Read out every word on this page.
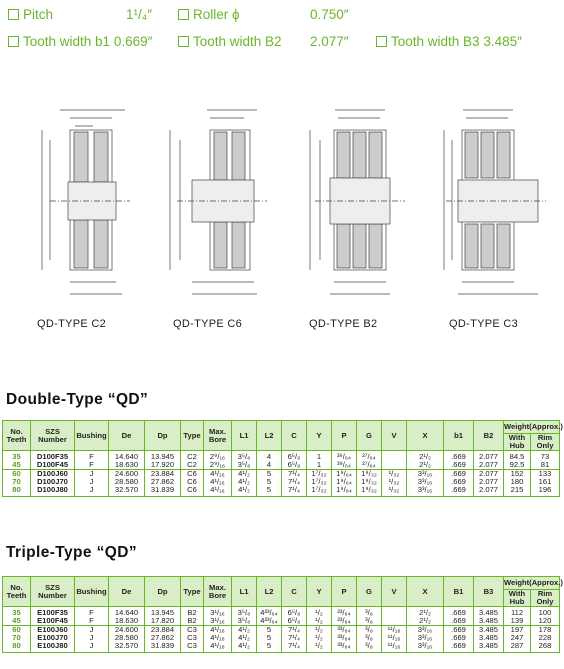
Pitch	1¹/₄″	Roller ϕ	0.750″
Tooth width b1 0.669″	Tooth width B2 2.077″	Tooth width B3 3.485″
QD-TYPE C2	QD-TYPE C6	QD-TYPE B2	QD-TYPE C3
Double-Type “QD”
No. Teeth	SZS Number	Bushing	De	Dp	Type	Max. Bore	L1	L2	C	Y	P	G	V	X	b1	B2	Weight(Approx.)	
																	With Hub	Rim Only
35	D100F35	F	14.640	13.945	C2	2⁹/₁₆	3⁵/₈	4	6⁵/₈	1	³⁹/₆₄	²⁷/₆₄		2¹/₂	.669	2.077	84.5	73
45	D100F45	F	18.630	17.920	C2	2⁹/₁₆	3⁵/₈	4	6⁵/₈	1	³⁹/₆₄	²⁷/₆₄		2¹/₂	.669	2.077	92.5	81
60	D100J60	J	24.600	23.884	C6	4¹/₁₆	4¹/₂	5	7¹/₄	1⁷/₃₂	1⁹/₆₄	1⁹/₃₂	¹/₃₂	3³/₁₆	.669	2.077	152	133
70	D100J70	J	28.580	27.862	C6	4¹/₁₆	4¹/₂	5	7¹/₄	1⁷/₃₂	1⁹/₆₄	1⁹/₃₂	¹/₃₂	3³/₁₆	.669	2.077	180	161
80	D100J80	J	32.570	31.839	C6	4¹/₁₆	4¹/₂	5	7¹/₄	1⁷/₃₂	1⁹/₆₄	1⁹/₃₂	¹/₃₂	3³/₁₆	.669	2.077	215	196
Triple-Type “QD”
No. Teeth	SZS Number	Bushing	De	Dp	Type	Max. Bore	L1	L2	C	Y	P	G	V	X	B1	B3	Weight(Approx.)	
																	With Hub	Rim Only
35	E100F35	F	14.640	13.945	B2	3¹/₁₆	3⁵/₈	4²³/₆₄	6⁵/₈	¹/₂	²³/₆₄	³/₈		2¹/₂	.669	3.485	112	100
45	E100F45	F	18.630	17.820	B2	3¹/₁₆	3⁵/₈	4²³/₆₄	6⁵/₈	¹/₂	²³/₆₄	³/₈		2¹/₂	.669	3.485	139	120
60	E100J60	J	24.600	23.884	C3	4¹/₁₆	4¹/₂	5	7¹/₄	¹/₂	³³/₆₄	³/₈	¹¹/₁₆	3³/₁₆	.669	3.485	197	178
70	E100J70	J	28.580	27.862	C3	4¹/₁₆	4¹/₂	5	7¹/₄	¹/₂	³³/₆₄	³/₈	¹¹/₁₆	3³/₁₆	.669	3.485	247	228
80	E100J80	J	32.570	31.839	C3	4¹/₁₆	4¹/₂	5	7¹/₄	¹/₂	³³/₆₄	³/₈	¹¹/₁₆	3³/₁₆	.669	3.485	287	268
